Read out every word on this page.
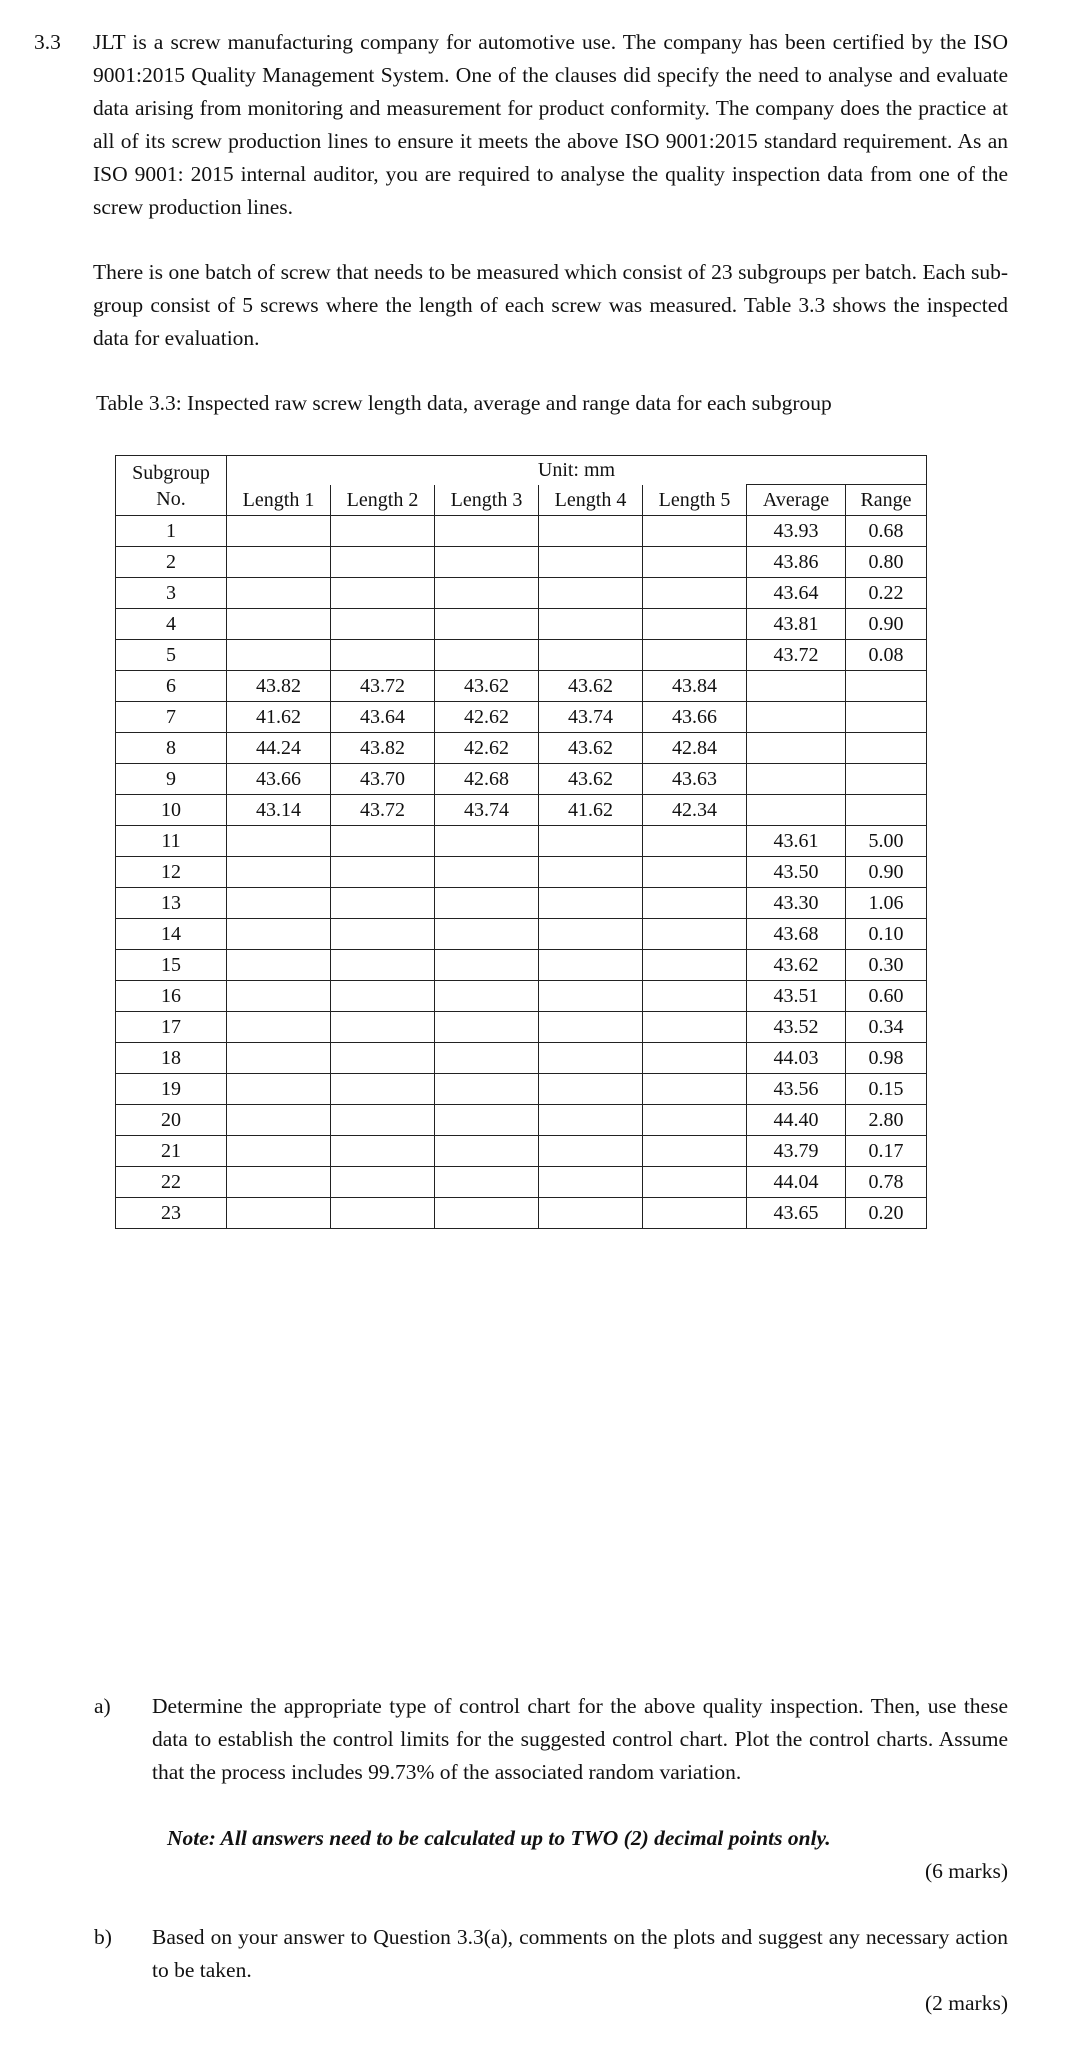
3.3 JLT is a screw manufacturing company for automotive use. The company has been certified by the ISO 9001:2015 Quality Management System. One of the clauses did specify the need to analyse and evaluate data arising from monitoring and measurement for product conformity. The company does the practice at all of its screw production lines to ensure it meets the above ISO 9001:2015 standard requirement. As an ISO 9001: 2015 internal auditor, you are required to analyse the quality inspection data from one of the screw production lines.

There is one batch of screw that needs to be measured which consist of 23 subgroups per batch. Each sub-group consist of 5 screws where the length of each screw was measured. Table 3.3 shows the inspected data for evaluation.

Table 3.3: Inspected raw screw length data, average and range data for each subgroup

Subgroup
No.	Unit: mm						
	Length 1	Length 2	Length 3	Length 4	Length 5	Average	Range
1						43.93	0.68
2						43.86	0.80
3						43.64	0.22
4						43.81	0.90
5						43.72	0.08
6	43.82	43.72	43.62	43.62	43.84		
7	41.62	43.64	42.62	43.74	43.66		
8	44.24	43.82	42.62	43.62	42.84		
9	43.66	43.70	42.68	43.62	43.63		
10	43.14	43.72	43.74	41.62	42.34		
11						43.61	5.00
12						43.50	0.90
13						43.30	1.06
14						43.68	0.10
15						43.62	0.30
16						43.51	0.60
17						43.52	0.34
18						44.03	0.98
19						43.56	0.15
20						44.40	2.80
21						43.79	0.17
22						44.04	0.78
23						43.65	0.20
a) Determine the appropriate type of control chart for the above quality inspection. Then, use these data to establish the control limits for the suggested control chart. Plot the control charts. Assume that the process includes 99.73% of the associated random variation.

Note: All answers need to be calculated up to TWO (2) decimal points only.

(6 marks)

b) Based on your answer to Question 3.3(a), comments on the plots and suggest any necessary action to be taken.

(2 marks)
